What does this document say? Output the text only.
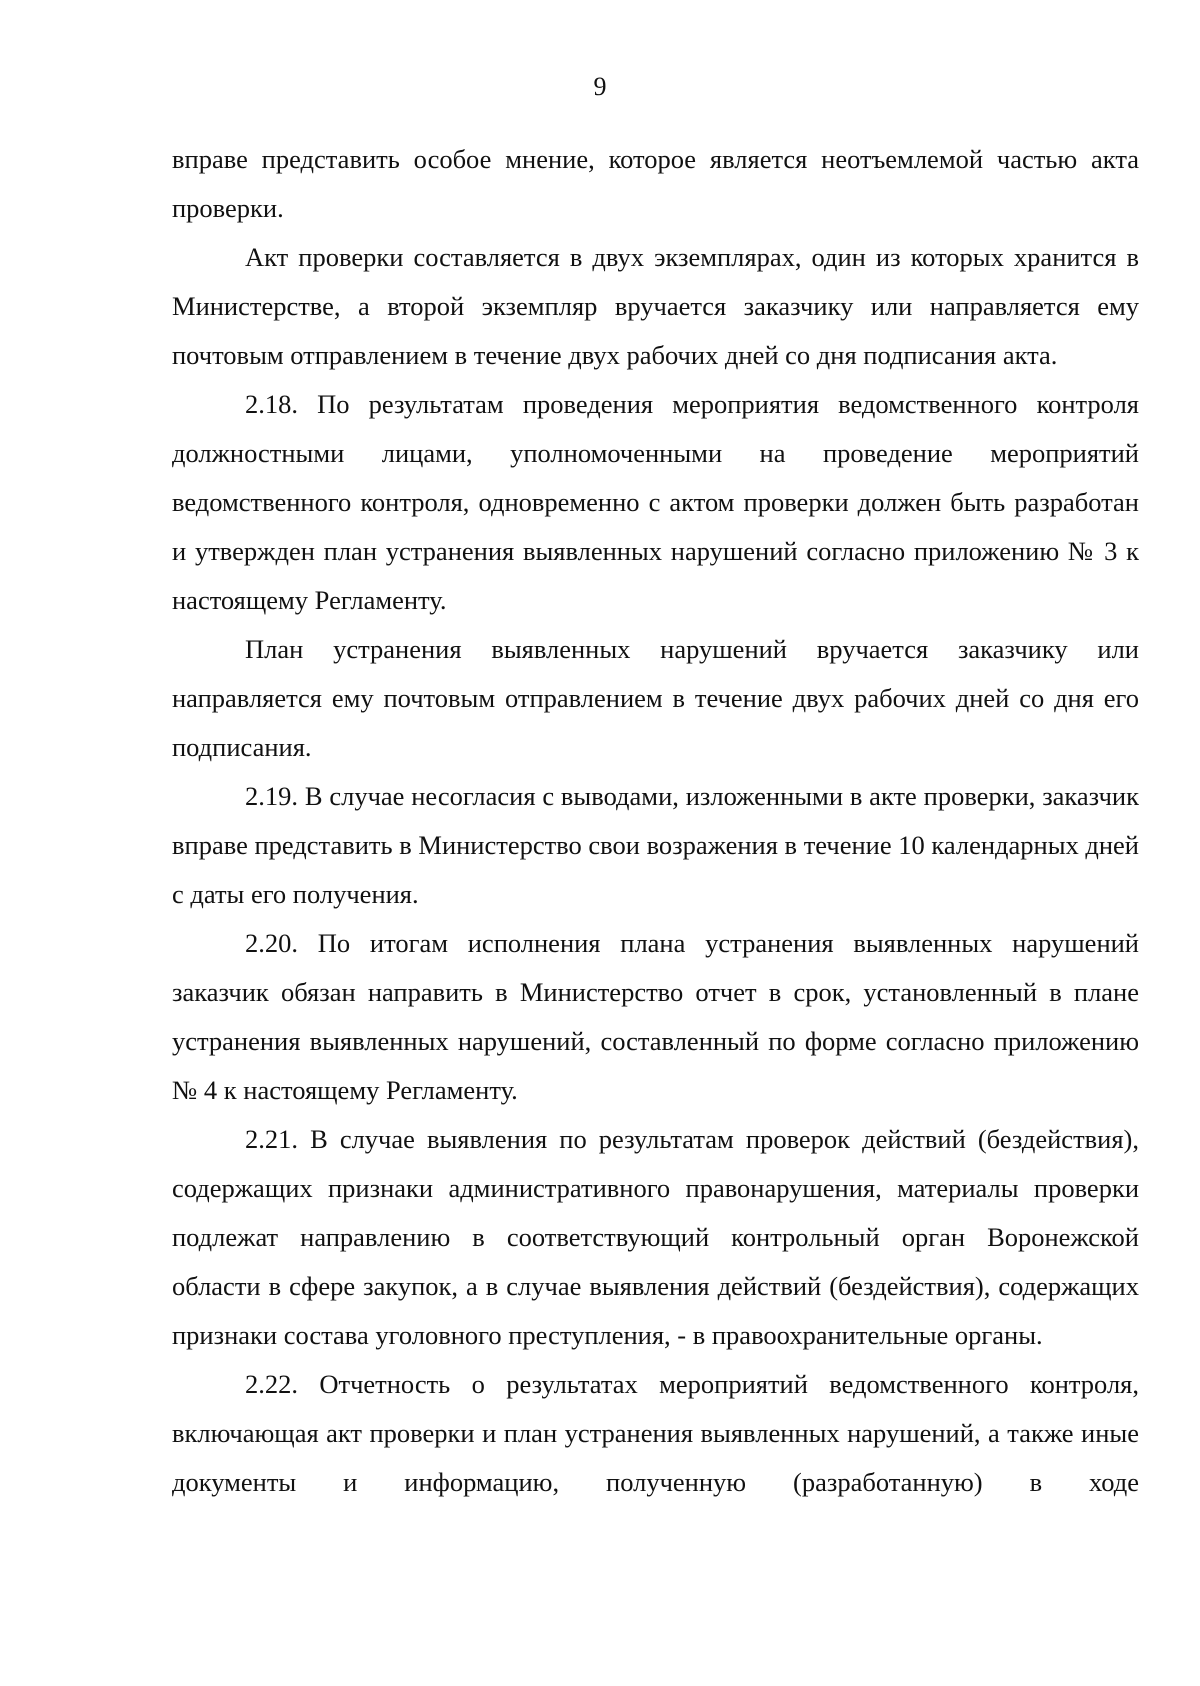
9

вправе представить особое мнение, которое является неотъемлемой частью акта проверки.

Акт проверки составляется в двух экземплярах, один из которых хранится в Министерстве, а второй экземпляр вручается заказчику или направляется ему почтовым отправлением в течение двух рабочих дней со дня подписания акта.

2.18. По результатам проведения мероприятия ведомственного контроля должностными лицами, уполномоченными на проведение мероприятий ведомственного контроля, одновременно с актом проверки должен быть разработан и утвержден план устранения выявленных нарушений согласно приложению № 3 к настоящему Регламенту.

План устранения выявленных нарушений вручается заказчику или направляется ему почтовым отправлением в течение двух рабочих дней со дня его подписания.

2.19. В случае несогласия с выводами, изложенными в акте проверки, заказчик вправе представить в Министерство свои возражения в течение 10 календарных дней с даты его получения.

2.20. По итогам исполнения плана устранения выявленных нарушений заказчик обязан направить в Министерство отчет в срок, установленный в плане устранения выявленных нарушений, составленный по форме согласно приложению № 4 к настоящему Регламенту.

2.21. В случае выявления по результатам проверок действий (бездействия), содержащих признаки административного правонарушения, материалы проверки подлежат направлению в соответствующий контрольный орган Воронежской области в сфере закупок, а в случае выявления действий (бездействия), содержащих признаки состава уголовного преступления, - в правоохранительные органы.

2.22. Отчетность о результатах мероприятий ведомственного контроля, включающая акт проверки и план устранения выявленных нарушений, а также иные документы и информацию, полученную (разработанную) в ходе
